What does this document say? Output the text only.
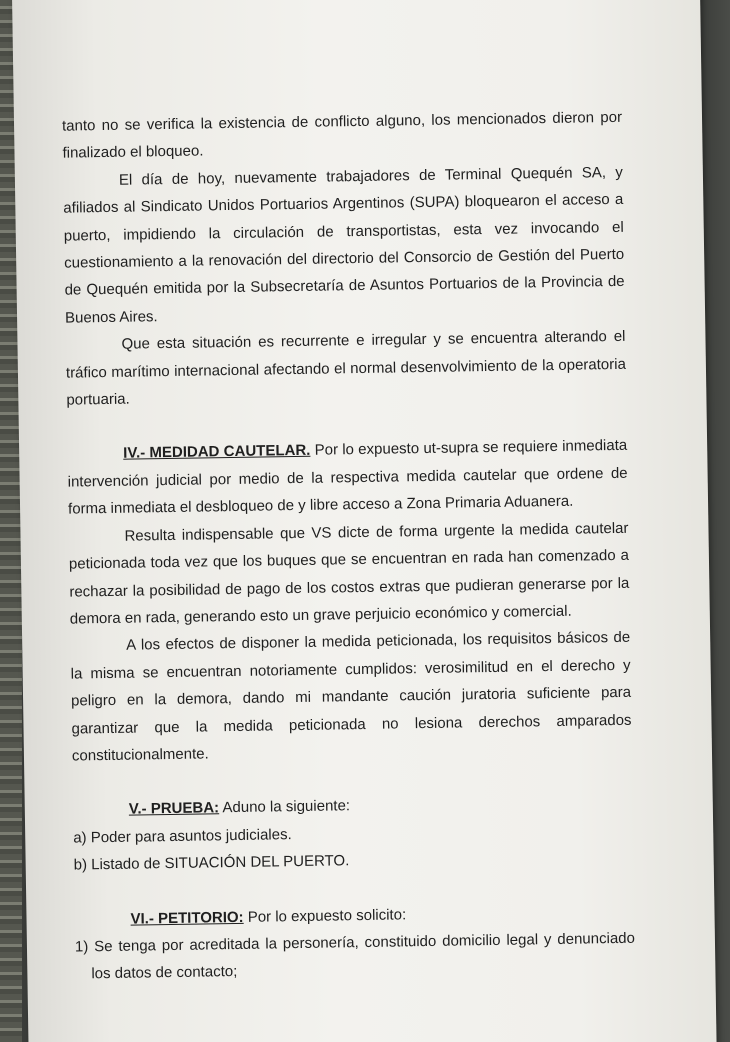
tanto no se verifica la existencia de conflicto alguno, los mencionados dieron por finalizado el bloqueo.

El día de hoy, nuevamente trabajadores de Terminal Quequén SA, y afiliados al Sindicato Unidos Portuarios Argentinos (SUPA) bloquearon el acceso a puerto, impidiendo la circulación de transportistas, esta vez invocando el cuestionamiento a la renovación del directorio del Consorcio de Gestión del Puerto de Quequén emitida por la Subsecretaría de Asuntos Portuarios de la Provincia de Buenos Aires.

Que esta situación es recurrente e irregular y se encuentra alterando el tráfico marítimo internacional afectando el normal desenvolvimiento de la operatoria portuaria.

IV.- MEDIDAD CAUTELAR. Por lo expuesto ut-supra se requiere inmediata intervención judicial por medio de la respectiva medida cautelar que ordene de forma inmediata el desbloqueo de y libre acceso a Zona Primaria Aduanera.

Resulta indispensable que VS dicte de forma urgente la medida cautelar peticionada toda vez que los buques que se encuentran en rada han comenzado a rechazar la posibilidad de pago de los costos extras que pudieran generarse por la demora en rada, generando esto un grave perjuicio económico y comercial.

A los efectos de disponer la medida peticionada, los requisitos básicos de la misma se encuentran notoriamente cumplidos: verosimilitud en el derecho y peligro en la demora, dando mi mandante caución juratoria suficiente para garantizar que la medida peticionada no lesiona derechos amparados constitucionalmente.

V.- PRUEBA: Aduno la siguiente:

a) Poder para asuntos judiciales.

b) Listado de SITUACIÓN DEL PUERTO.

VI.- PETITORIO: Por lo expuesto solicito:

1) Se tenga por acreditada la personería, constituido domicilio legal y denunciado los datos de contacto;
